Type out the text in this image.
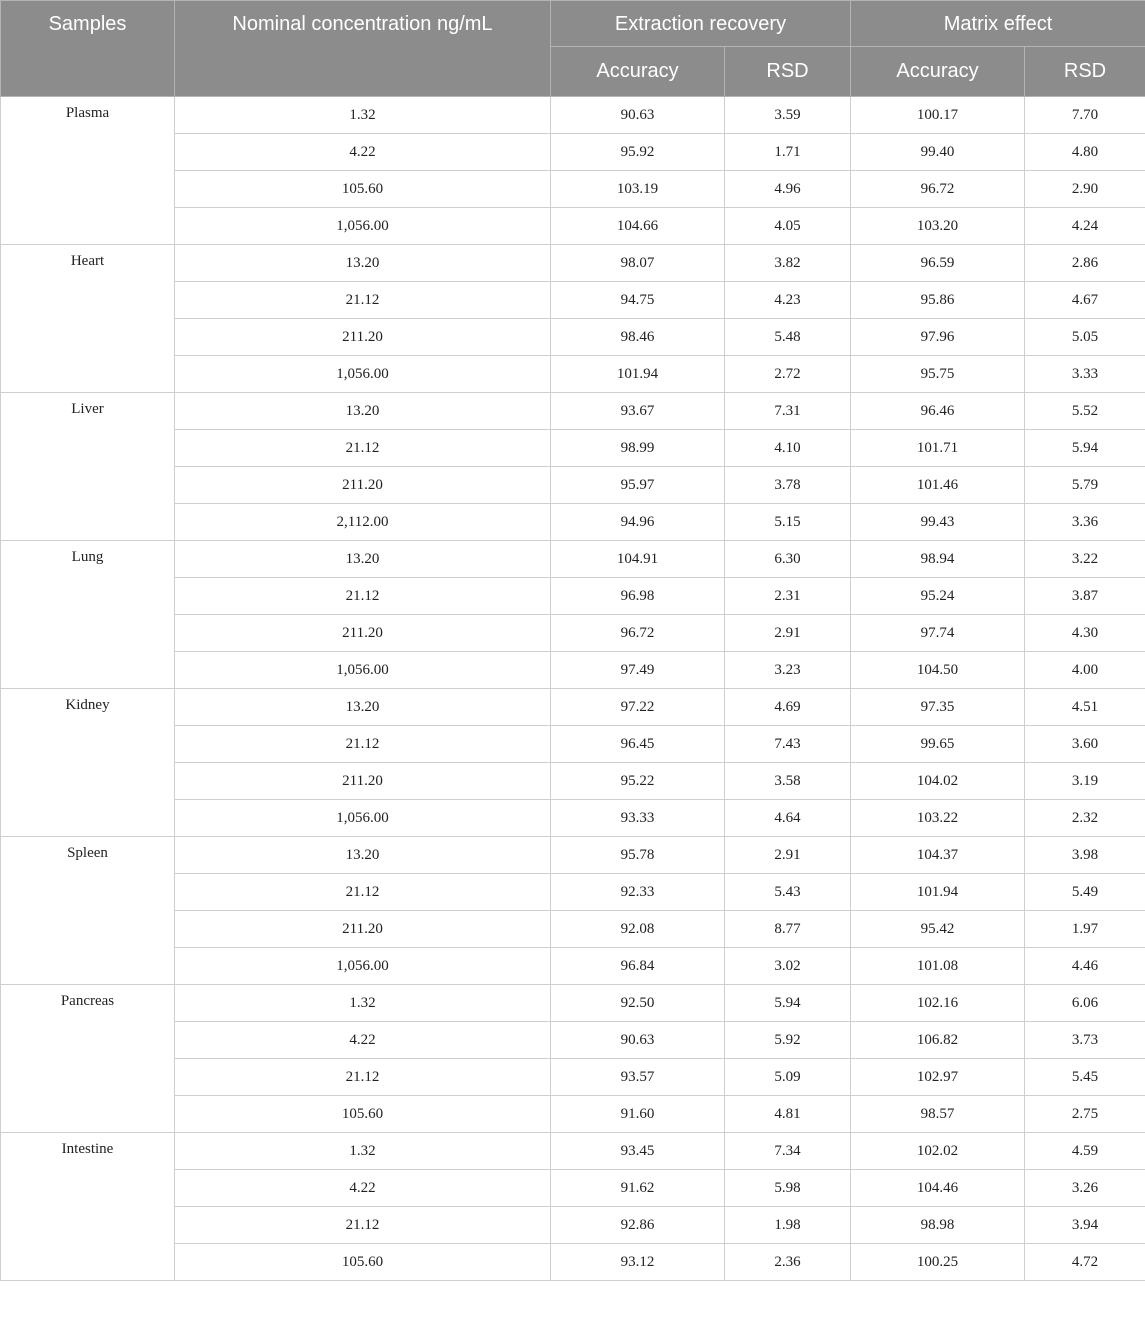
Samples	Nominal concentration ng/mL	Extraction recovery		Matrix effect	
		Accuracy	RSD	Accuracy	RSD
Plasma	1.32	90.63	3.59	100.17	7.70
	4.22	95.92	1.71	99.40	4.80
	105.60	103.19	4.96	96.72	2.90
	1,056.00	104.66	4.05	103.20	4.24
Heart	13.20	98.07	3.82	96.59	2.86
	21.12	94.75	4.23	95.86	4.67
	211.20	98.46	5.48	97.96	5.05
	1,056.00	101.94	2.72	95.75	3.33
Liver	13.20	93.67	7.31	96.46	5.52
	21.12	98.99	4.10	101.71	5.94
	211.20	95.97	3.78	101.46	5.79
	2,112.00	94.96	5.15	99.43	3.36
Lung	13.20	104.91	6.30	98.94	3.22
	21.12	96.98	2.31	95.24	3.87
	211.20	96.72	2.91	97.74	4.30
	1,056.00	97.49	3.23	104.50	4.00
Kidney	13.20	97.22	4.69	97.35	4.51
	21.12	96.45	7.43	99.65	3.60
	211.20	95.22	3.58	104.02	3.19
	1,056.00	93.33	4.64	103.22	2.32
Spleen	13.20	95.78	2.91	104.37	3.98
	21.12	92.33	5.43	101.94	5.49
	211.20	92.08	8.77	95.42	1.97
	1,056.00	96.84	3.02	101.08	4.46
Pancreas	1.32	92.50	5.94	102.16	6.06
	4.22	90.63	5.92	106.82	3.73
	21.12	93.57	5.09	102.97	5.45
	105.60	91.60	4.81	98.57	2.75
Intestine	1.32	93.45	7.34	102.02	4.59
	4.22	91.62	5.98	104.46	3.26
	21.12	92.86	1.98	98.98	3.94
	105.60	93.12	2.36	100.25	4.72
